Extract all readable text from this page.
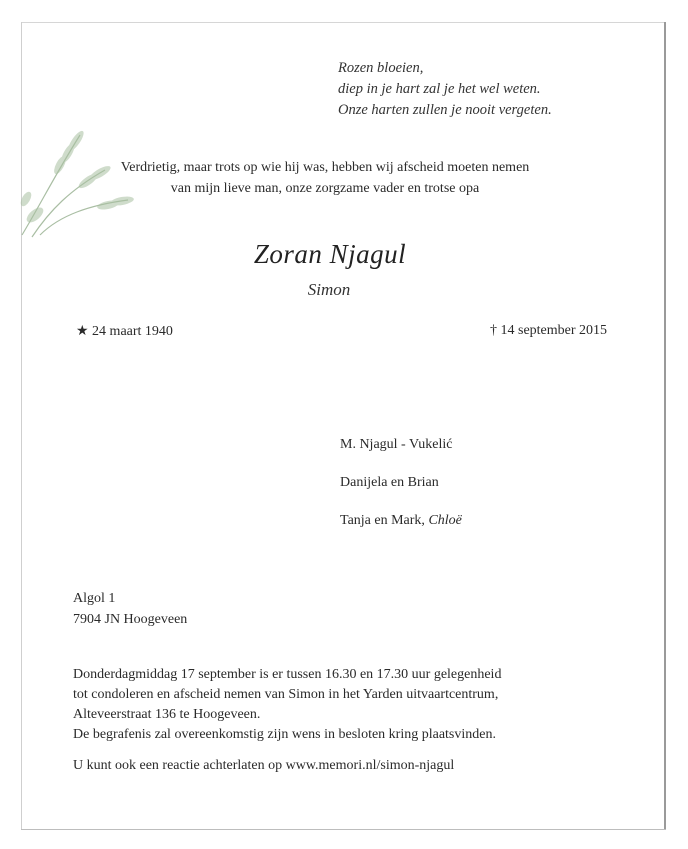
Rozen bloeien,
diep in je hart zal je het wel weten.
Onze harten zullen je nooit vergeten.
Verdrietig, maar trots op wie hij was, hebben wij afscheid moeten nemen
van mijn lieve man, onze zorgzame vader en trotse opa
Zoran Njagul
Simon
★ 24 maart 1940	† 14 september 2015
M. Njagul - Vukelić
Danijela en Brian
Tanja en Mark, Chloë
Algol 1
7904 JN Hoogeveen
Donderdagmiddag 17 september is er tussen 16.30 en 17.30 uur gelegenheid
tot condoleren en afscheid nemen van Simon in het Yarden uitvaartcentrum,
Alteveerstraat 136 te Hoogeveen.
De begrafenis zal overeenkomstig zijn wens in besloten kring plaatsvinden.
U kunt ook een reactie achterlaten op www.memori.nl/simon-njagul
